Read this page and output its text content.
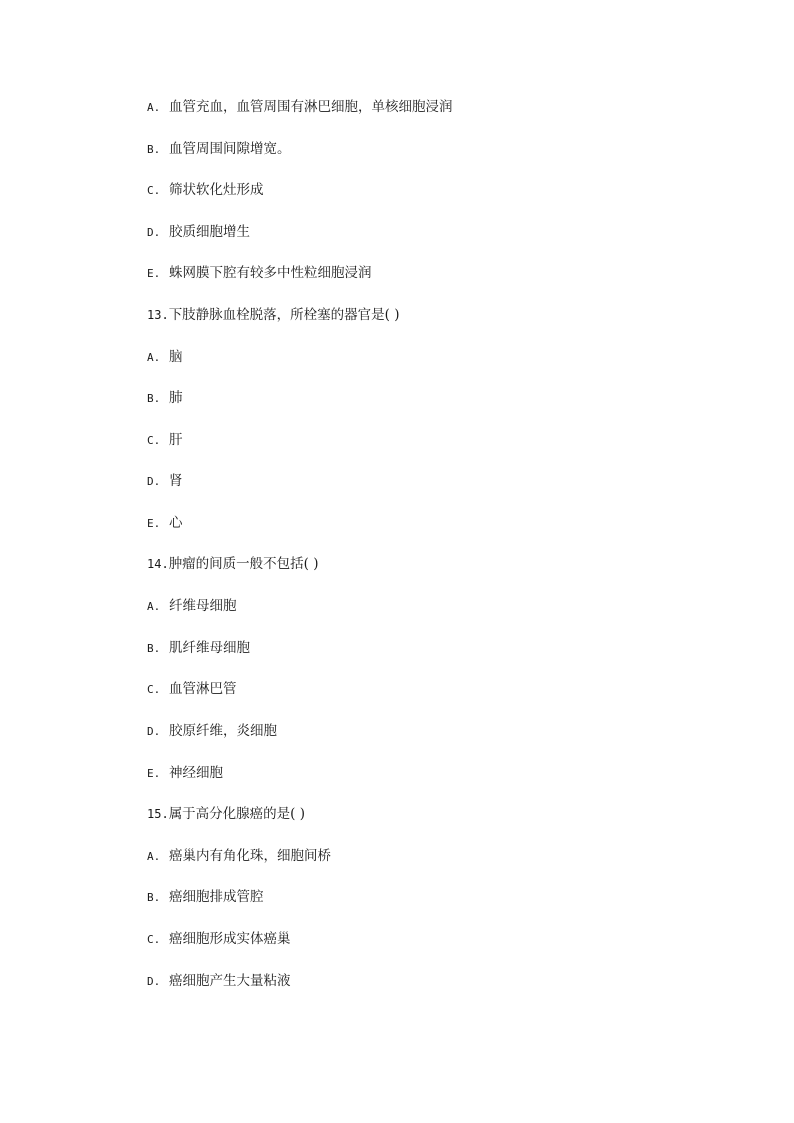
A. 血管充血，血管周围有淋巴细胞，单核细胞浸润
B. 血管周围间隙增宽。
C. 筛状软化灶形成
D. 胶质细胞增生
E. 蛛网膜下腔有较多中性粒细胞浸润
13.下肢静脉血栓脱落，所栓塞的器官是( )
A. 脑
B. 肺
C. 肝
D. 肾
E. 心
14.肿瘤的间质一般不包括( )
A. 纤维母细胞
B. 肌纤维母细胞
C. 血管淋巴管
D. 胶原纤维，炎细胞
E. 神经细胞
15.属于高分化腺癌的是( )
A. 癌巢内有角化珠，细胞间桥
B. 癌细胞排成管腔
C. 癌细胞形成实体癌巢
D. 癌细胞产生大量粘液
